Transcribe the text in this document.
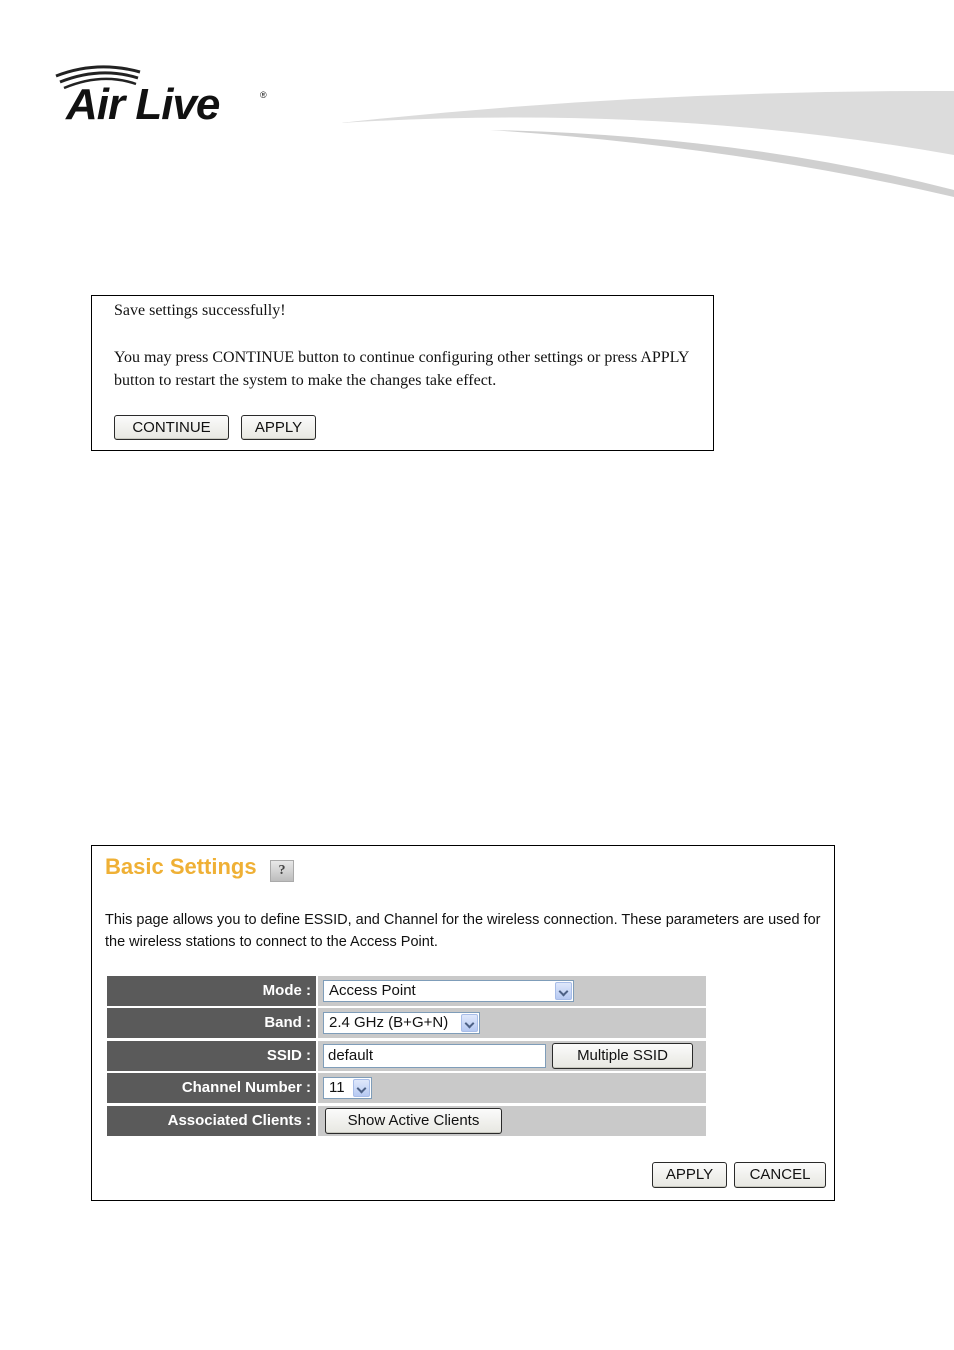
Air Live	®
Save settings successfully!
You may press CONTINUE button to continue configuring other settings or press APPLY button to restart the system to make the changes take effect.
CONTINUE	APPLY
Basic Settings	?
This page allows you to define ESSID, and Channel for the wireless connection. These parameters are used for the wireless stations to connect to the Access Point.
Mode :	Access Point
Band :	2.4 GHz (B+G+N)
SSID :	default	Multiple SSID
Channel Number :	11
Associated Clients :	Show Active Clients
APPLY	CANCEL
